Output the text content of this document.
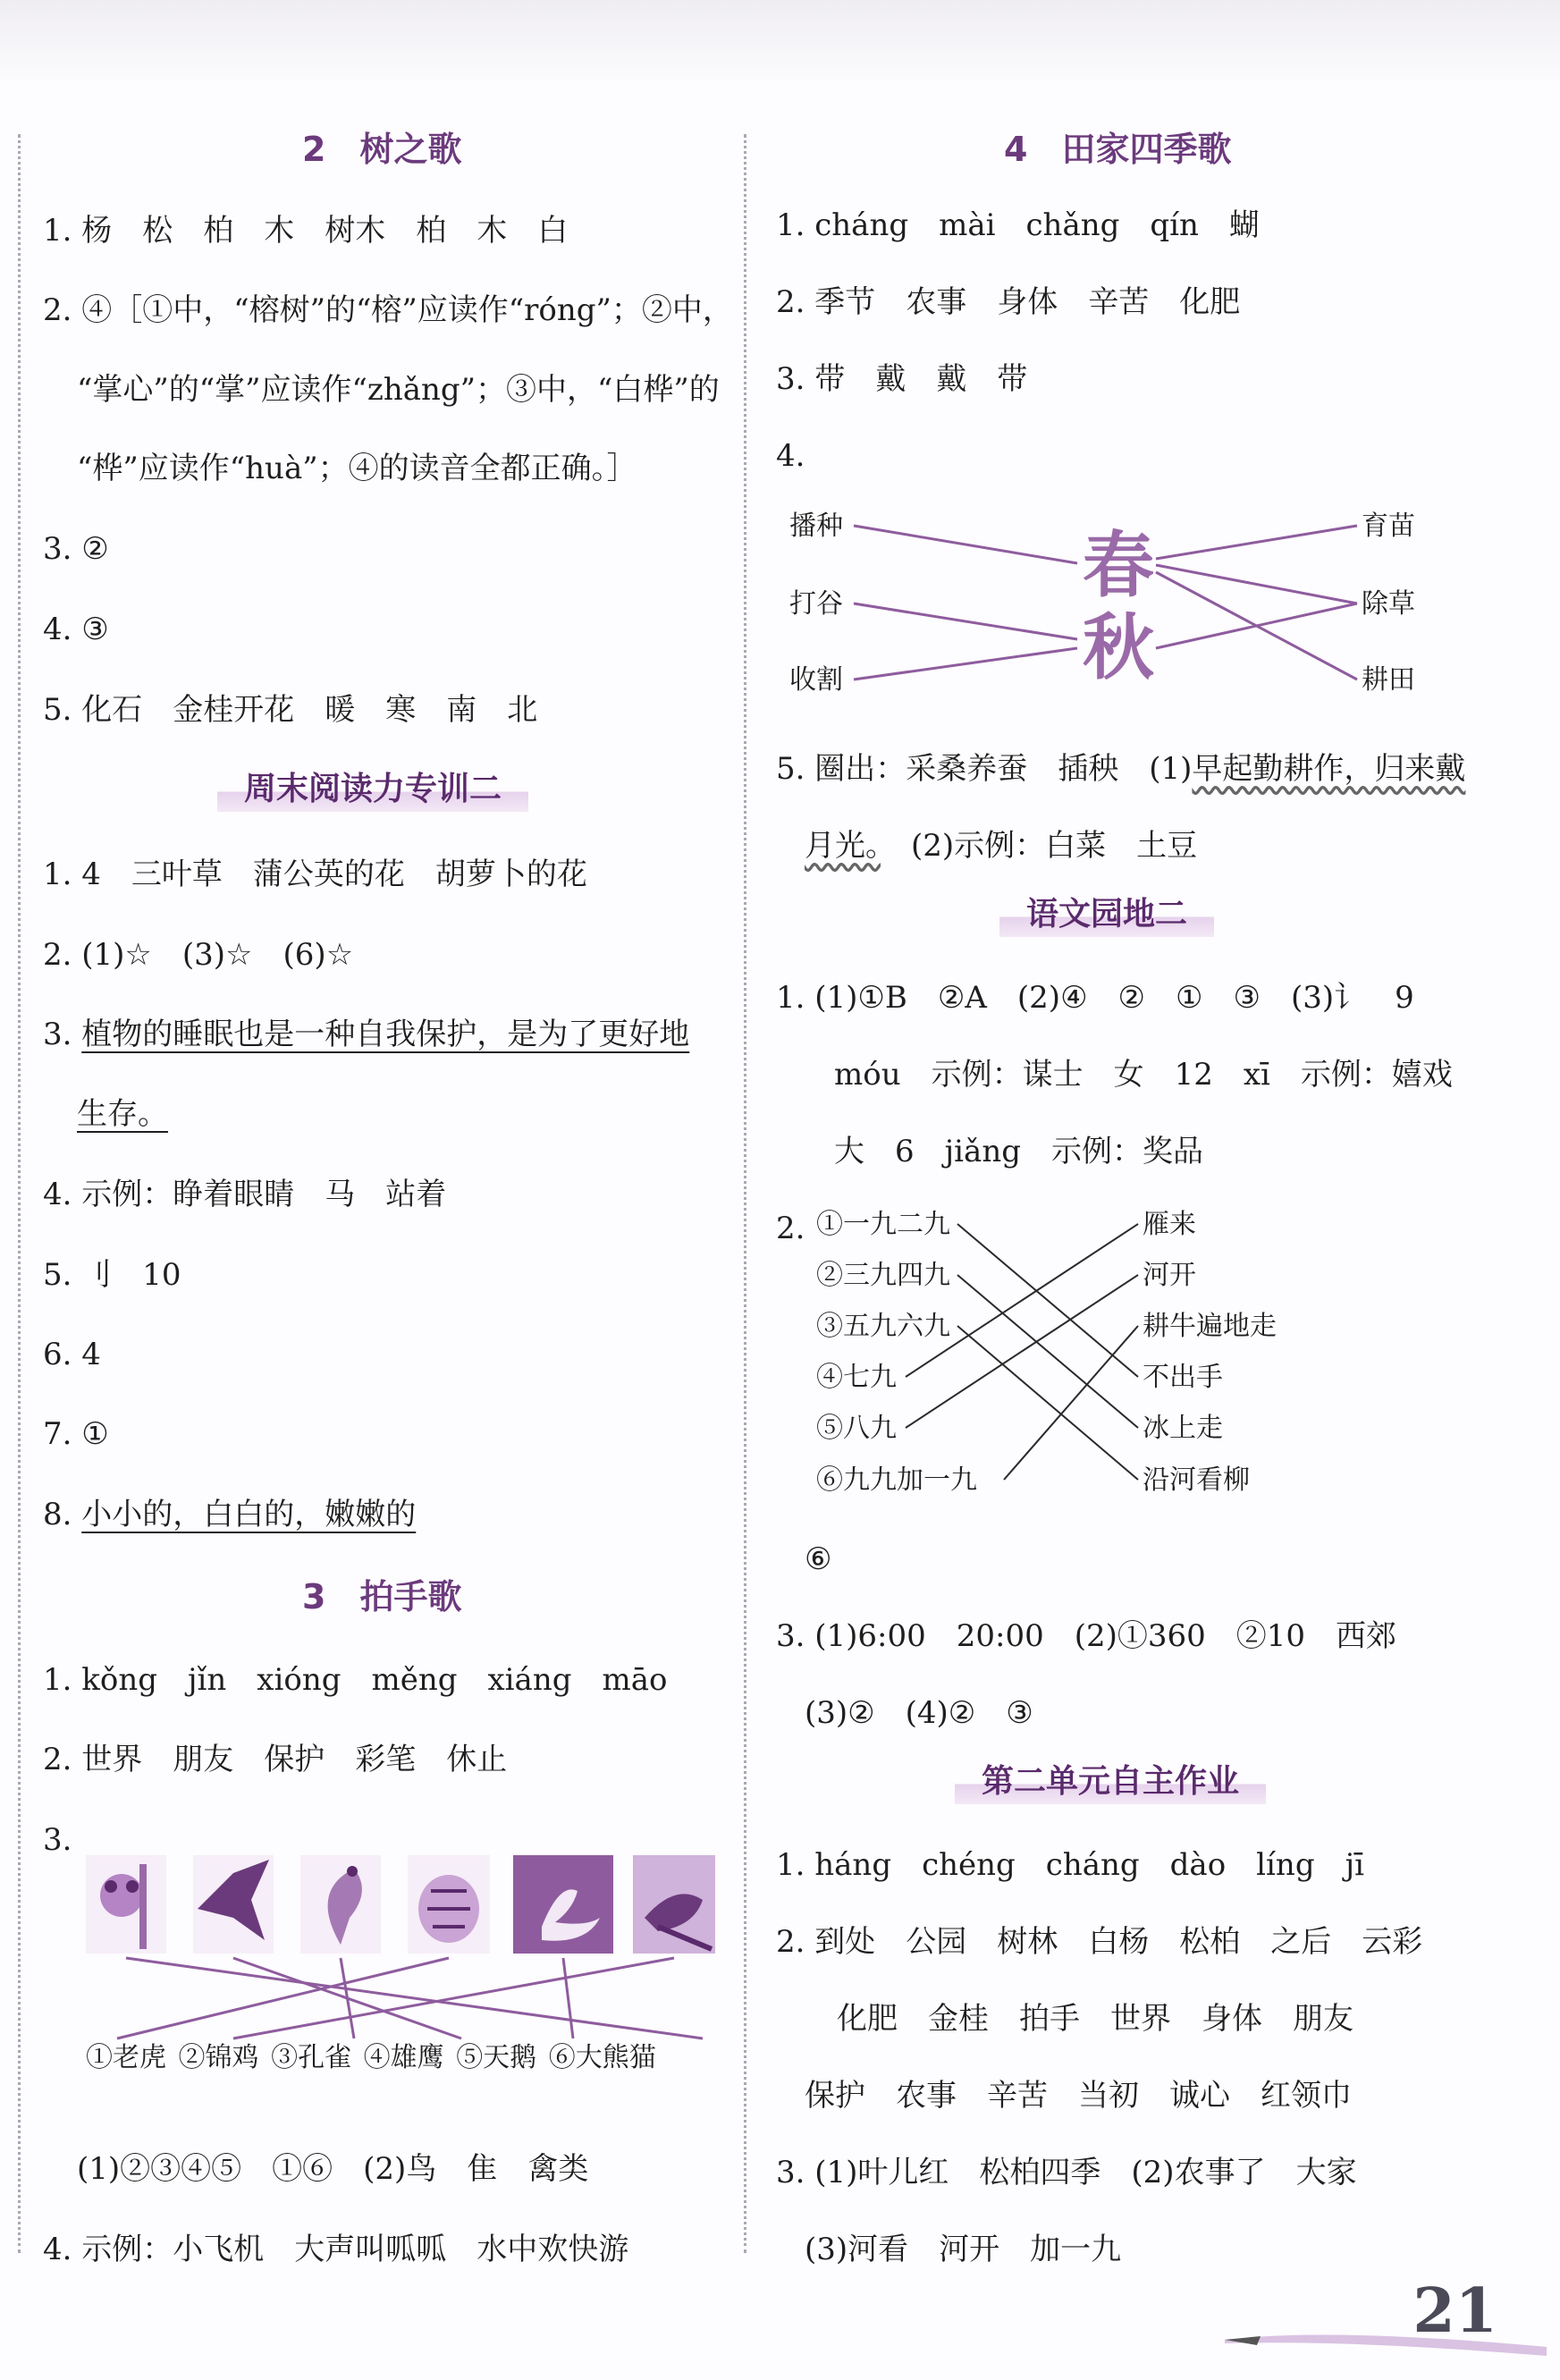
2　树之歌
1. 杨　松　柏　木　树木　柏　木　白
2. ④［①中，“榕树”的“榕”应读作“róng”；②中，
“掌心”的“掌”应读作“zhǎng”；③中，“白桦”的
“桦”应读作“huà”；④的读音全都正确。］
3. ②
4. ③
5. 化石　金桂开花　暖　寒　南　北
周末阅读力专训二
1. 4　三叶草　蒲公英的花　胡萝卜的花
2. (1)☆　(3)☆　(6)☆
3. 植物的睡眠也是一种自我保护，是为了更好地
生存。
4. 示例：睁着眼睛　马　站着
5. 刂　10
6. 4
7. ①
8. 小小的，白白的，嫩嫩的
3　拍手歌
1. kǒng　jǐn　xióng　měng　xiáng　māo
2. 世界　朋友　保护　彩笔　休止
3.
①老虎 ②锦鸡 ③孔雀 ④雄鹰 ⑤天鹅 ⑥大熊猫
(1)②③④⑤　①⑥　(2)鸟　隹　禽类
4. 示例：小飞机　大声叫呱呱　水中欢快游
4　田家四季歌
1. cháng　mài　chǎng　qín　蝴
2. 季节　农事　身体　辛苦　化肥
3. 带　戴　戴　带
4.
播种
打谷
收割
育苗
除草
耕田
春
秋
5. 圈出：采桑养蚕　插秧　(1)早起勤耕作，归来戴
月光。　(2)示例：白菜　土豆
语文园地二
1. (1)①B　②A　(2)④　②　①　③　(3)讠　9
móu　示例：谋士　女　12　xī　示例：嬉戏
大　6　jiǎng　示例：奖品
2. ①一九二九
②三九四九
③五九六九
④七九
⑤八九
⑥九九加一九
雁来
河开
耕牛遍地走
不出手
冰上走
沿河看柳
⑥
3. (1)6:00　20:00　(2)①360　②10　西郊
(3)②　(4)②　③
第二单元自主作业
1. háng　chéng　cháng　dào　líng　jī
2. 到处　公园　树林　白杨　松柏　之后　云彩
化肥　金桂　拍手　世界　身体　朋友
保护　农事　辛苦　当初　诚心　红领巾
3. (1)叶儿红　松柏四季　(2)农事了　大家
(3)河看　河开　加一九
21
